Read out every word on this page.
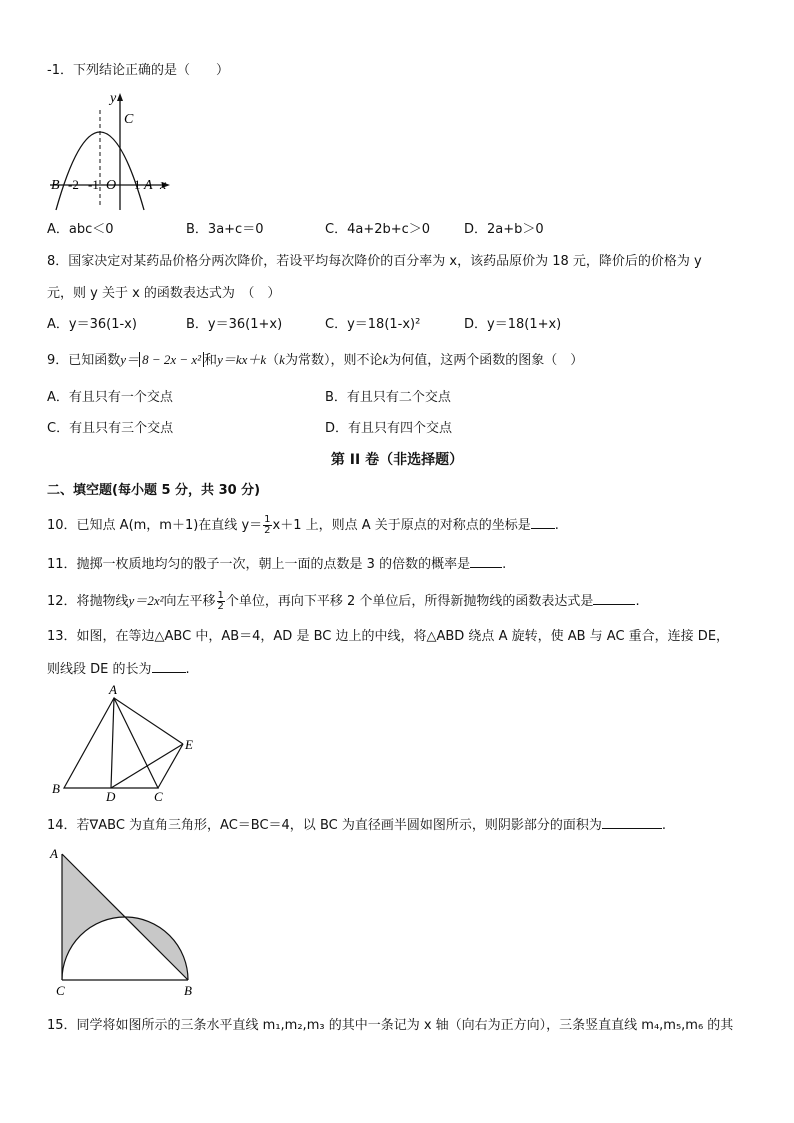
-1．下列结论正确的是（　　）
y
C
B -2 -1 O 1 A x
A．abc＜0	B．3a+c＝0	C．4a+2b+c＞0	D．2a+b＞0
8．国家决定对某药品价格分两次降价，若设平均每次降价的百分率为 x，该药品原价为 18 元，降价后的价格为 y
元，则 y 关于 x 的函数表达式为　（　）
A．y＝36(1-x)	B．y＝36(1+x)	C．y＝18(1-x)²	D．y＝18(1+x)
9．已知函数y＝ 8 − 2x − x² 和y＝kx＋k（k为常数），则不论k为何值，这两个函数的图象（　）
A．有且只有一个交点	B．有且只有二个交点
C．有且只有三个交点	D．有且只有四个交点
第 II 卷（非选择题）
二、填空题(每小题 5 分，共 30 分)
10．已知点 A(m，m＋1)在直线 $y= \frac{1}{2} x+1$ 上，则点 A 关于原点的对称点的坐标是 .
11．抛掷一枚质地均匀的骰子一次，朝上一面的点数是 3 的倍数的概率是 .
12．将抛物线y＝2x²向左平移 $\frac{1}{2}$ 个单位，再向下平移 2 个单位后，所得新抛物线的函数表达式是	.
13．如图，在等边△ABC 中，AB＝4，AD 是 BC 边上的中线，将△ABD 绕点 A 旋转，使 AB 与 AC 重合，连接 DE，
则线段 DE 的长为	.
A
B
D	C
E
14．若∇ABC 为直角三角形，AC＝BC＝4，以 BC 为直径画半圆如图所示，则阴影部分的面积为	.
A
C	B
15．同学将如图所示的三条水平直线 m₁,m₂,m₃ 的其中一条记为 x 轴（向右为正方向），三条竖直直线 m₄,m₅,m₆ 的其
